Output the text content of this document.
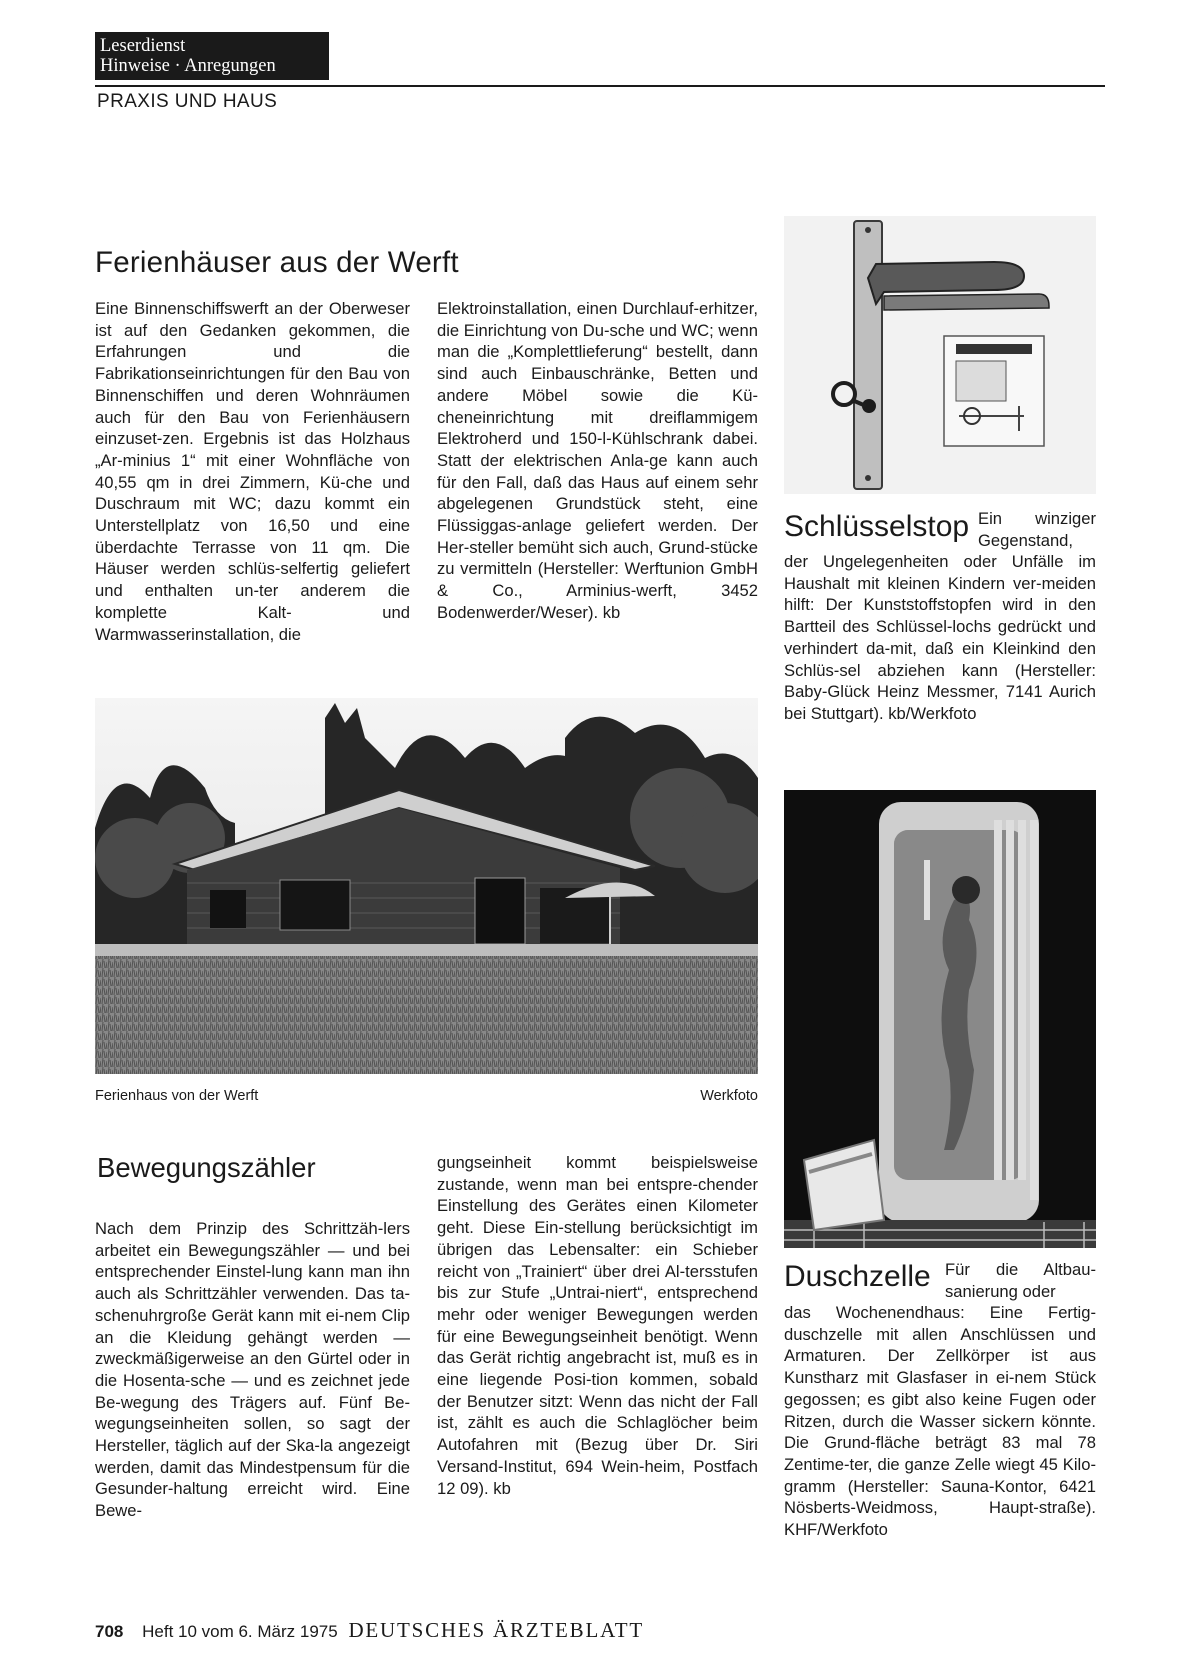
Leserdienst
Hinweise · Anregungen
PRAXIS UND HAUS
Ferienhäuser aus der Werft

Eine Binnenschiffswerft an der Oberweser ist auf den Gedanken gekommen, die Erfahrungen und die Fabrikationseinrichtungen für den Bau von Binnenschiffen und deren Wohnräumen auch für den Bau von Ferienhäusern einzuset-zen. Ergebnis ist das Holzhaus „Ar-minius 1“ mit einer Wohnfläche von 40,55 qm in drei Zimmern, Kü-che und Duschraum mit WC; dazu kommt ein Unterstellplatz von 16,50 und eine überdachte Terrasse von 11 qm. Die Häuser werden schlüs-selfertig geliefert und enthalten un-ter anderem die komplette Kalt- und Warmwasserinstallation, die

Elektroinstallation, einen Durchlauf-erhitzer, die Einrichtung von Du-sche und WC; wenn man die „Komplettlieferung“ bestellt, dann sind auch Einbauschränke, Betten und andere Möbel sowie die Kü-cheneinrichtung mit dreiflammigem Elektroherd und 150-l-Kühlschrank dabei. Statt der elektrischen Anla-ge kann auch für den Fall, daß das Haus auf einem sehr abgelegenen Grundstück steht, eine Flüssiggas-anlage geliefert werden. Der Her-steller bemüht sich auch, Grund-stücke zu vermitteln (Hersteller: Werftunion GmbH & Co., Arminius-werft, 3452 Bodenwerder/Weser). kb

Ferienhaus von der Werft	Werkfoto
Schlüsselstop Ein winziger Gegenstand,

der Ungelegenheiten oder Unfälle im Haushalt mit kleinen Kindern ver-meiden hilft: Der Kunststoffstopfen wird in den Bartteil des Schlüssel-lochs gedrückt und verhindert da-mit, daß ein Kleinkind den Schlüs-sel abziehen kann (Hersteller: Baby-Glück Heinz Messmer, 7141 Aurich bei Stuttgart). kb/Werkfoto

Bewegungszähler

Nach dem Prinzip des Schrittzäh-lers arbeitet ein Bewegungszähler — und bei entsprechender Einstel-lung kann man ihn auch als Schrittzähler verwenden. Das ta-schenuhrgroße Gerät kann mit ei-nem Clip an die Kleidung gehängt werden — zweckmäßigerweise an den Gürtel oder in die Hosenta-sche — und es zeichnet jede Be-wegung des Trägers auf. Fünf Be-wegungseinheiten sollen, so sagt der Hersteller, täglich auf der Ska-la angezeigt werden, damit das Mindestpensum für die Gesunder-haltung erreicht wird. Eine Bewe-

gungseinheit kommt beispielsweise zustande, wenn man bei entspre-chender Einstellung des Gerätes einen Kilometer geht. Diese Ein-stellung berücksichtigt im übrigen das Lebensalter: ein Schieber reicht von „Trainiert“ über drei Al-tersstufen bis zur Stufe „Untrai-niert“, entsprechend mehr oder weniger Bewegungen werden für eine Bewegungseinheit benötigt. Wenn das Gerät richtig angebracht ist, muß es in eine liegende Posi-tion kommen, sobald der Benutzer sitzt: Wenn das nicht der Fall ist, zählt es auch die Schlaglöcher beim Autofahren mit (Bezug über Dr. Siri Versand-Institut, 694 Wein-heim, Postfach 12 09). kb

Duschzelle Für die Altbau-sanierung oder

das Wochenendhaus: Eine Fertig-duschzelle mit allen Anschlüssen und Armaturen. Der Zellkörper ist aus Kunstharz mit Glasfaser in ei-nem Stück gegossen; es gibt also keine Fugen oder Ritzen, durch die Wasser sickern könnte. Die Grund-fläche beträgt 83 mal 78 Zentime-ter, die ganze Zelle wiegt 45 Kilo-gramm (Hersteller: Sauna-Kontor, 6421 Nösberts-Weidmoss, Haupt-straße). KHF/Werkfoto

708 Heft 10 vom 6. März 1975 DEUTSCHES ÄRZTEBLATT
